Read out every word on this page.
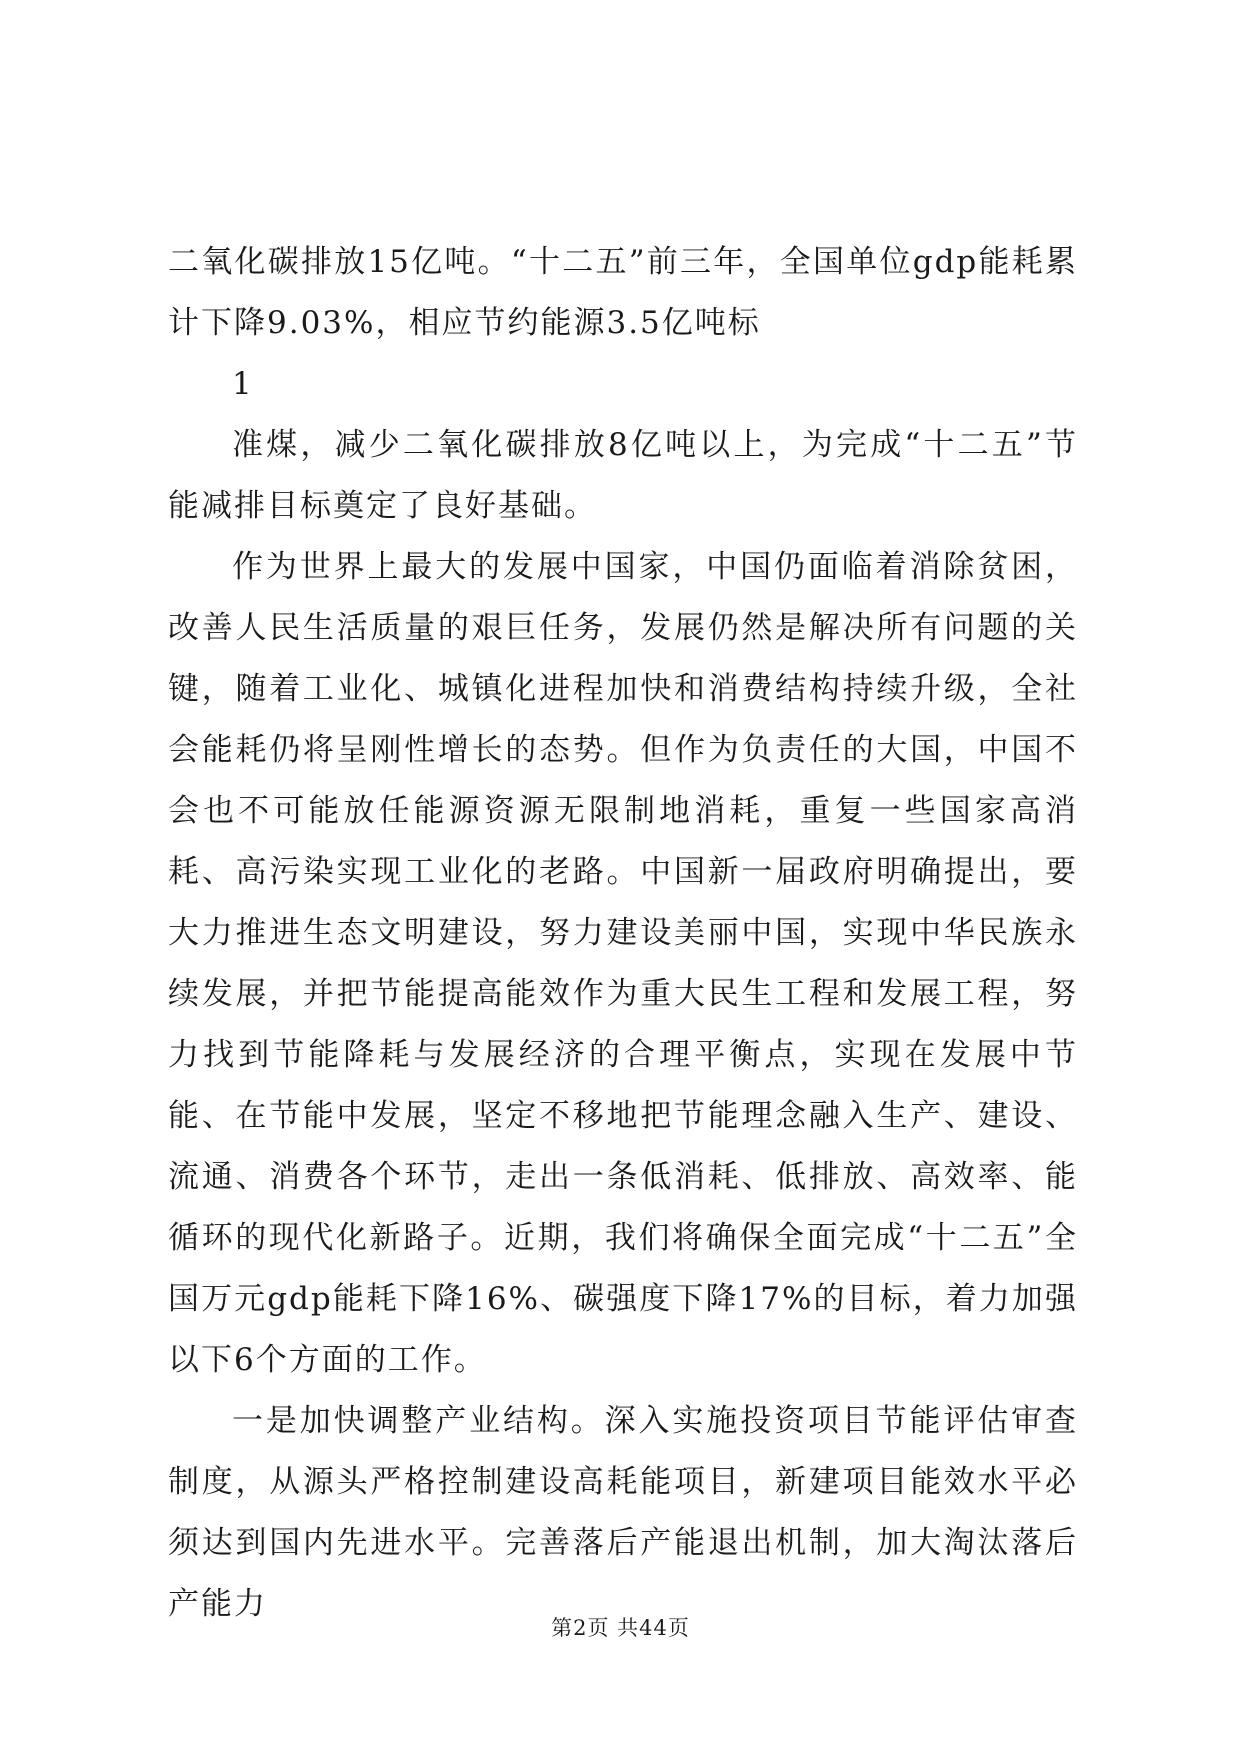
二氧化碳排放15亿吨。“十二五”前三年，全国单位gdp能耗累计下降9.03%，相应节约能源3.5亿吨标

1

准煤，减少二氧化碳排放8亿吨以上，为完成“十二五”节能减排目标奠定了良好基础。

作为世界上最大的发展中国家，中国仍面临着消除贫困，改善人民生活质量的艰巨任务，发展仍然是解决所有问题的关键，随着工业化、城镇化进程加快和消费结构持续升级，全社会能耗仍将呈刚性增长的态势。但作为负责任的大国，中国不会也不可能放任能源资源无限制地消耗，重复一些国家高消耗、高污染实现工业化的老路。中国新一届政府明确提出，要大力推进生态文明建设，努力建设美丽中国，实现中华民族永续发展，并把节能提高能效作为重大民生工程和发展工程，努力找到节能降耗与发展经济的合理平衡点，实现在发展中节能、在节能中发展，坚定不移地把节能理念融入生产、建设、流通、消费各个环节，走出一条低消耗、低排放、高效率、能循环的现代化新路子。近期，我们将确保全面完成“十二五”全国万元gdp能耗下降16%、碳强度下降17%的目标，着力加强以下6个方面的工作。

一是加快调整产业结构。深入实施投资项目节能评估审查制度，从源头严格控制建设高耗能项目，新建项目能效水平必须达到国内先进水平。完善落后产能退出机制，加大淘汰落后产能力

第2页 共44页
